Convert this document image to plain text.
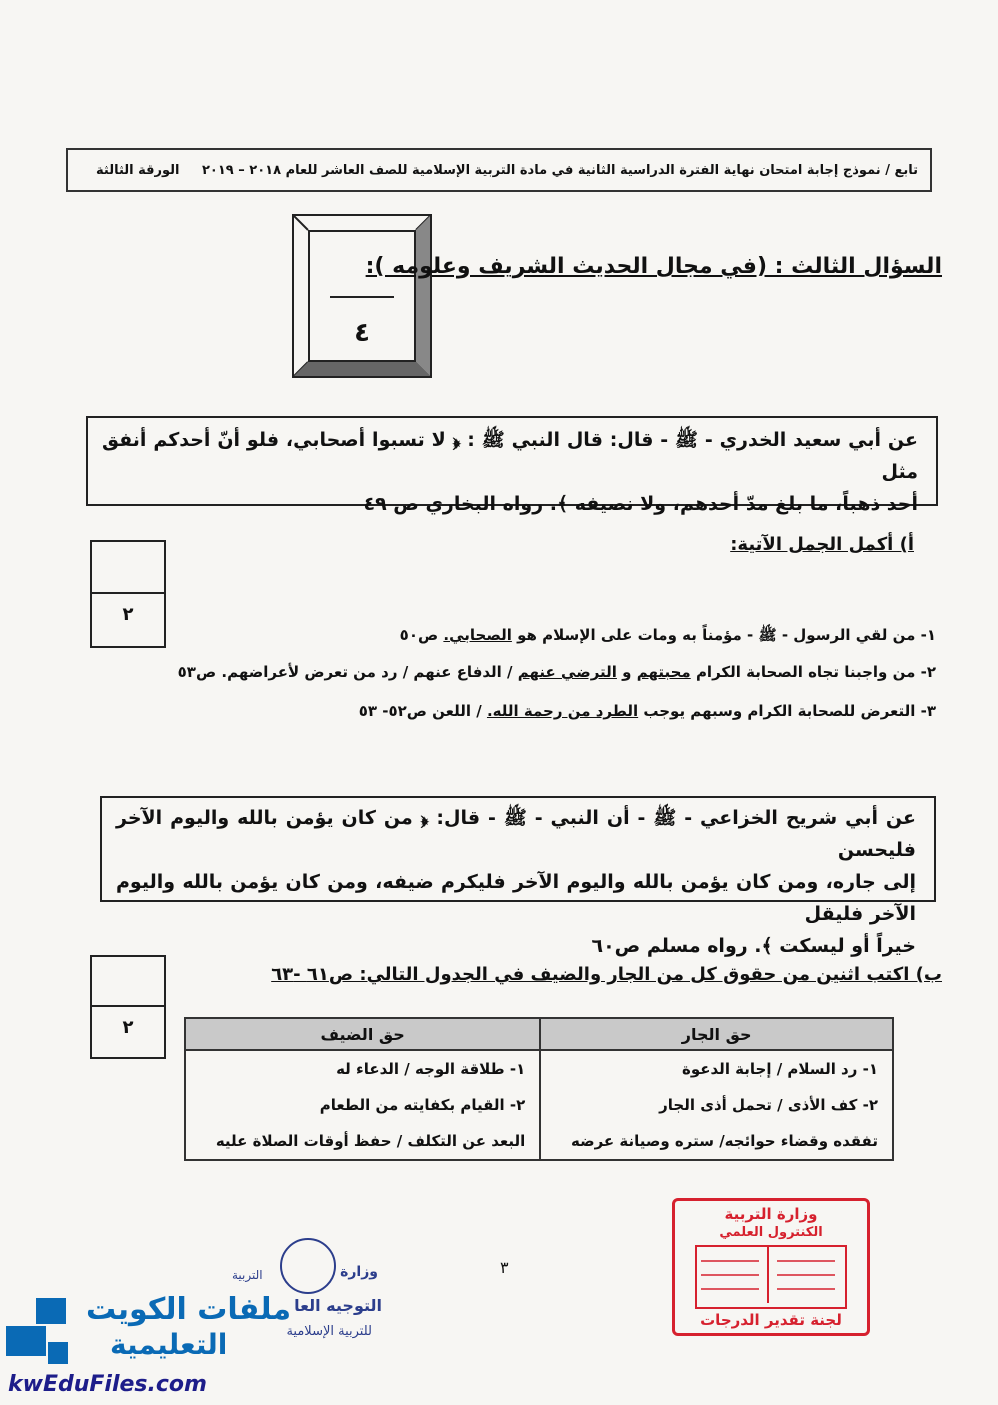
تابع / نموذج إجابة امتحان نهاية الفترة الدراسية الثانية في مادة التربية الإسلامية للصف العاشر للعام ٢٠١٨ – ٢٠١٩
الورقة الثالثة
٤
السؤال الثالث : (في مجال الحديث الشريف وعلومه ):
عن أبي سعيد الخدري - ﷺ - قال: قال النبي ﷺ : ﴿ لا تسبوا أصحابي، فلو أنّ أحدكم أنفق مثل
أحد ذهباً، ما بلغ مدّ أحدهم، ولا نصيفه ﴾. رواه البخاري ص ٤٩
٢
أ) أكمل الجمل الآتية:
١- من لقي الرسول - ﷺ - مؤمناً به ومات على الإسلام هو الصحابي. ص٥٠
٢- من واجبنا تجاه الصحابة الكرام محبتهم و الترضي عنهم / الدفاع عنهم / رد من تعرض لأعراضهم. ص٥٣
٣- التعرض للصحابة الكرام وسبهم يوجب الطرد من رحمة الله. / اللعن ص٥٢- ٥٣
عن أبي شريح الخزاعي - ﷺ - أن النبي - ﷺ - قال: ﴿ من كان يؤمن بالله واليوم الآخر فليحسن
إلى جاره، ومن كان يؤمن بالله واليوم الآخر فليكرم ضيفه، ومن كان يؤمن بالله واليوم الآخر فليقل
خيراً أو ليسكت ﴾. رواه مسلم ص٦٠
٢
ب) اكتب اثنين من حقوق كل من الجار والضيف في الجدول التالي: ص٦١ -٦٣
حق الجار	حق الضيف
١- رد السلام / إجابة الدعوة	١- طلاقة الوجه / الدعاء له
٢- كف الأذى / تحمل أذى الجار	٢- القيام بكفايته من الطعام
تفقده وقضاء حوائجه/ ستره وصيانة عرضه	البعد عن التكلف / حفظ أوقات الصلاة عليه
٣
وزارة التربية
الكنترول العلمي
لجنة تقدير الدرجات
وزارة
التربية
التوجيه العا
للتربية الإسلامية
ملفات الكويت
التعليمية
kwEduFiles.com
